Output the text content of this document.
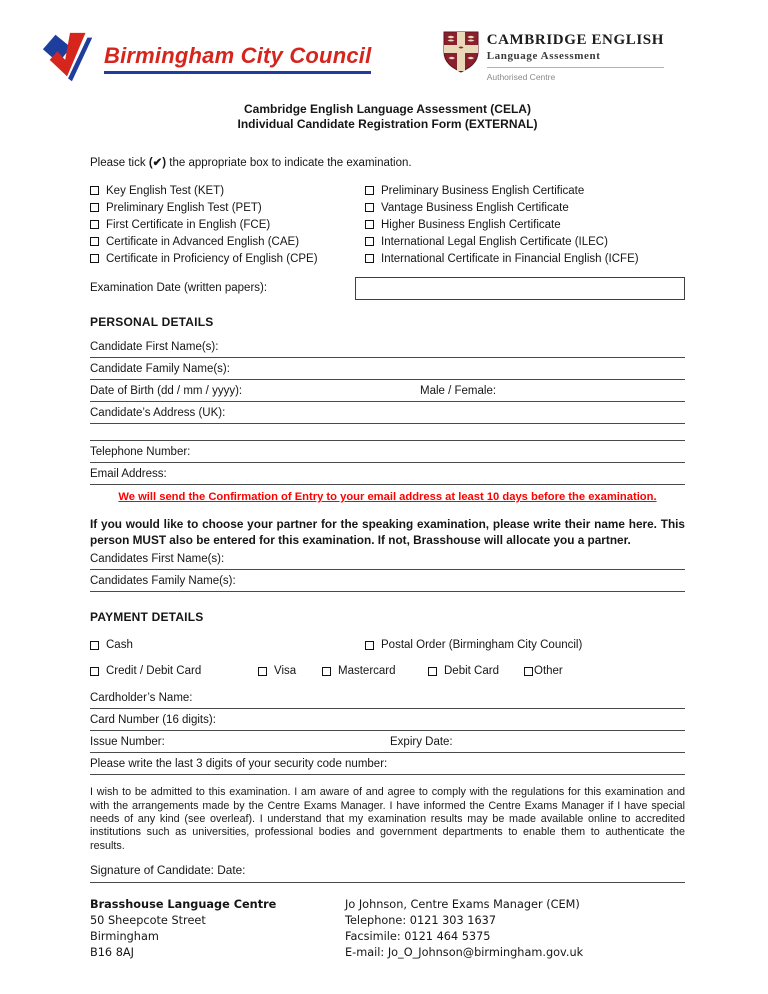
Birmingham City Council
CAMBRIDGE ENGLISH
Language Assessment
Authorised Centre
Cambridge English Language Assessment (CELA)
Individual Candidate Registration Form (EXTERNAL)
Please tick (✔) the appropriate box to indicate the examination.
Key English Test (KET)
Preliminary English Test (PET)
First Certificate in English (FCE)
Certificate in Advanced English (CAE)
Certificate in Proficiency of English (CPE)
Preliminary Business English Certificate
Vantage Business English Certificate
Higher Business English Certificate
International Legal English Certificate (ILEC)
International Certificate in Financial English (ICFE)
Examination Date (written papers):
PERSONAL DETAILS
Candidate First Name(s):
Candidate Family Name(s):
Date of Birth (dd / mm / yyyy):	Male / Female:
Candidate’s Address (UK):
Telephone Number:
Email Address:
We will send the Confirmation of Entry to your email address at least 10 days before the examination.
If you would like to choose your partner for the speaking examination, please write their name here. This person MUST also be entered for this examination. If not, Brasshouse will allocate you a partner.
Candidates First Name(s):
Candidates Family Name(s):
PAYMENT DETAILS
Cash	Postal Order (Birmingham City Council)
Credit / Debit Card	Visa	Mastercard	Debit Card	Other
Cardholder’s Name:
Card Number (16 digits):
Issue Number:	Expiry Date:
Please write the last 3 digits of your security code number:
I wish to be admitted to this examination. I am aware of and agree to comply with the regulations for this examination and with the arrangements made by the Centre Exams Manager. I have informed the Centre Exams Manager if I have special needs of any kind (see overleaf). I understand that my examination results may be made available online to accredited institutions such as universities, professional bodies and government departments to enable them to authenticate the results.
Signature of Candidate: Date:
Brasshouse Language Centre
50 Sheepcote Street
Birmingham
B16 8AJ
Jo Johnson, Centre Exams Manager (CEM)
Telephone: 0121 303 1637
Facsimile: 0121 464 5375
E-mail: Jo_O_Johnson@birmingham.gov.uk
